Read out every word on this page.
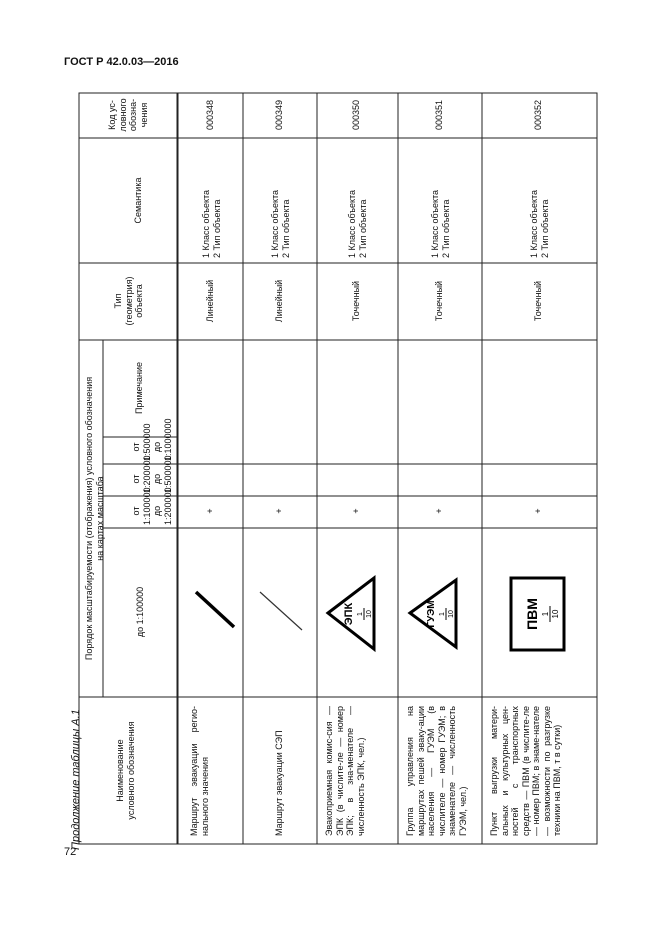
ГОСТ Р 42.0.03—2016
72
Продолжение таблицы А.1
ЭПК 1 10	ГУЭМ 1 10	ПВМ 1 10
Наименование
условного обозначения
Порядок масштабируемости (отображения) условного обозначения
на картах масштаба
до 1:100000
от 1:100000
до 1:200000
от 1:200000
до 1:500000
от 1:500000
до 1:1000000
Примечание
Тип
(геометрия)
объекта
Семантика
Код ус-
ловного
обозна-
чения
Маршрут эвакуации регио-нального значения
+
Линейный
1 Класс объекта
2 Тип объекта
000348
Маршрут эвакуации СЭП
+
Линейный
1 Класс объекта
2 Тип объекта
000349
Эвакоприемная комис-сия — ЭПК (в числите-ле — номер ЭПК; в зна-менателе — численность ЭПК, чел.)
+
Точечный
1 Класс объекта
2 Тип объекта
000350
Группа управления на маршрутах пешей эваку-ации населения — ГУЭМ (в числителе — номер ГУЭМ; в знаменателе — численность ГУЭМ, чел.)
+
Точечный
1 Класс объекта
2 Тип объекта
000351
Пункт выгрузки матери-альных и культурных цен-ностей с транспортных средств — ПВМ (в числите-ле — номер ПВМ; в знаме-нателе — возможности по разгрузке техники на ПВМ, т в сутки)
+
Точечный
1 Класс объекта
2 Тип объекта
000352
